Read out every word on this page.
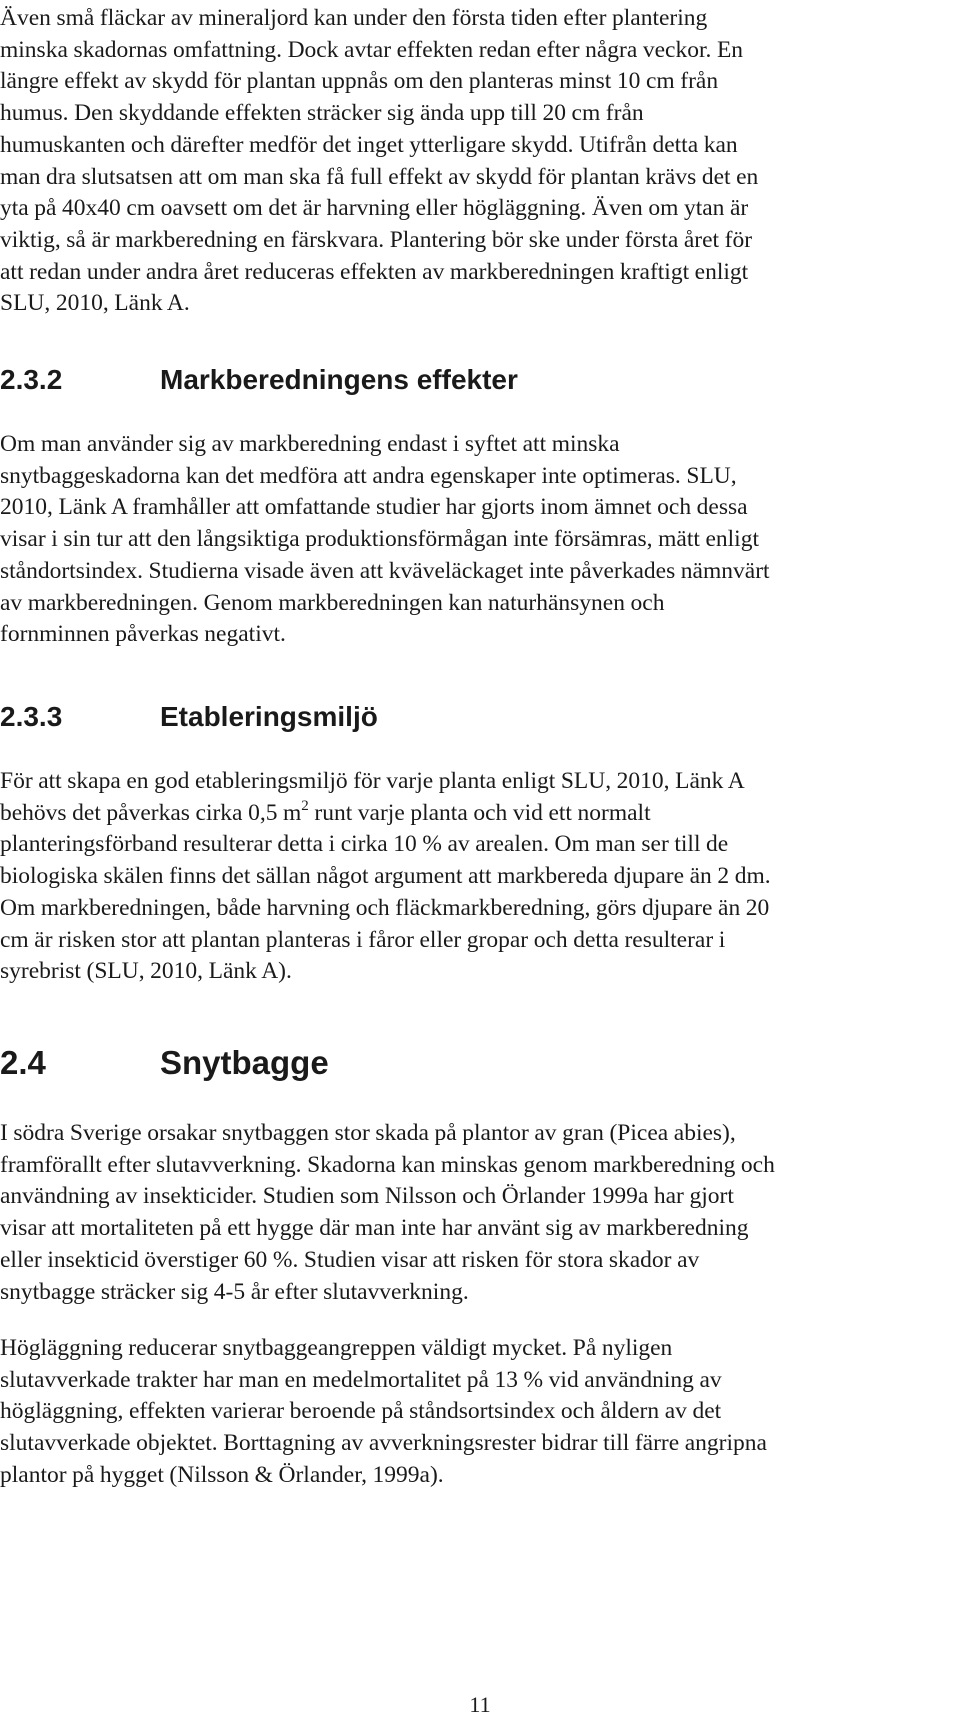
Även små fläckar av mineraljord kan under den första tiden efter plantering
minska skadornas omfattning. Dock avtar effekten redan efter några veckor. En
längre effekt av skydd för plantan uppnås om den planteras minst 10 cm från
humus. Den skyddande effekten sträcker sig ända upp till 20 cm från
humuskanten och därefter medför det inget ytterligare skydd. Utifrån detta kan
man dra slutsatsen att om man ska få full effekt av skydd för plantan krävs det en
yta på 40x40 cm oavsett om det är harvning eller högläggning. Även om ytan är
viktig, så är markberedning en färskvara. Plantering bör ske under första året för
att redan under andra året reduceras effekten av markberedningen kraftigt enligt
SLU, 2010, Länk A.

2.3.2	Markberedningens effekter

Om man använder sig av markberedning endast i syftet att minska
snytbaggeskadorna kan det medföra att andra egenskaper inte optimeras. SLU,
2010, Länk A framhåller att omfattande studier har gjorts inom ämnet och dessa
visar i sin tur att den långsiktiga produktionsförmågan inte försämras, mätt enligt
ståndortsindex. Studierna visade även att kväveläckaget inte påverkades nämnvärt
av markberedningen. Genom markberedningen kan naturhänsynen och
fornminnen påverkas negativt.

2.3.3	Etableringsmiljö

För att skapa en god etableringsmiljö för varje planta enligt SLU, 2010, Länk A
behövs det påverkas cirka 0,5 $m^2$ runt varje planta och vid ett normalt
planteringsförband resulterar detta i cirka 10 % av arealen. Om man ser till de
biologiska skälen finns det sällan något argument att markbereda djupare än 2 dm.
Om markberedningen, både harvning och fläckmarkberedning, görs djupare än 20
cm är risken stor att plantan planteras i fåror eller gropar och detta resulterar i
syrebrist (SLU, 2010, Länk A).

2.4	Snytbagge

I södra Sverige orsakar snytbaggen stor skada på plantor av gran (Picea abies),
framförallt efter slutavverkning. Skadorna kan minskas genom markberedning och
användning av insekticider. Studien som Nilsson och Örlander 1999a har gjort
visar att mortaliteten på ett hygge där man inte har använt sig av markberedning
eller insekticid överstiger 60 %. Studien visar att risken för stora skador av
snytbagge sträcker sig 4-5 år efter slutavverkning.

Högläggning reducerar snytbaggeangreppen väldigt mycket. På nyligen
slutavverkade trakter har man en medelmortalitet på 13 % vid användning av
högläggning, effekten varierar beroende på ståndsortsindex och åldern av det
slutavverkade objektet. Borttagning av avverkningsrester bidrar till färre angripna
plantor på hygget (Nilsson & Örlander, 1999a).

11
